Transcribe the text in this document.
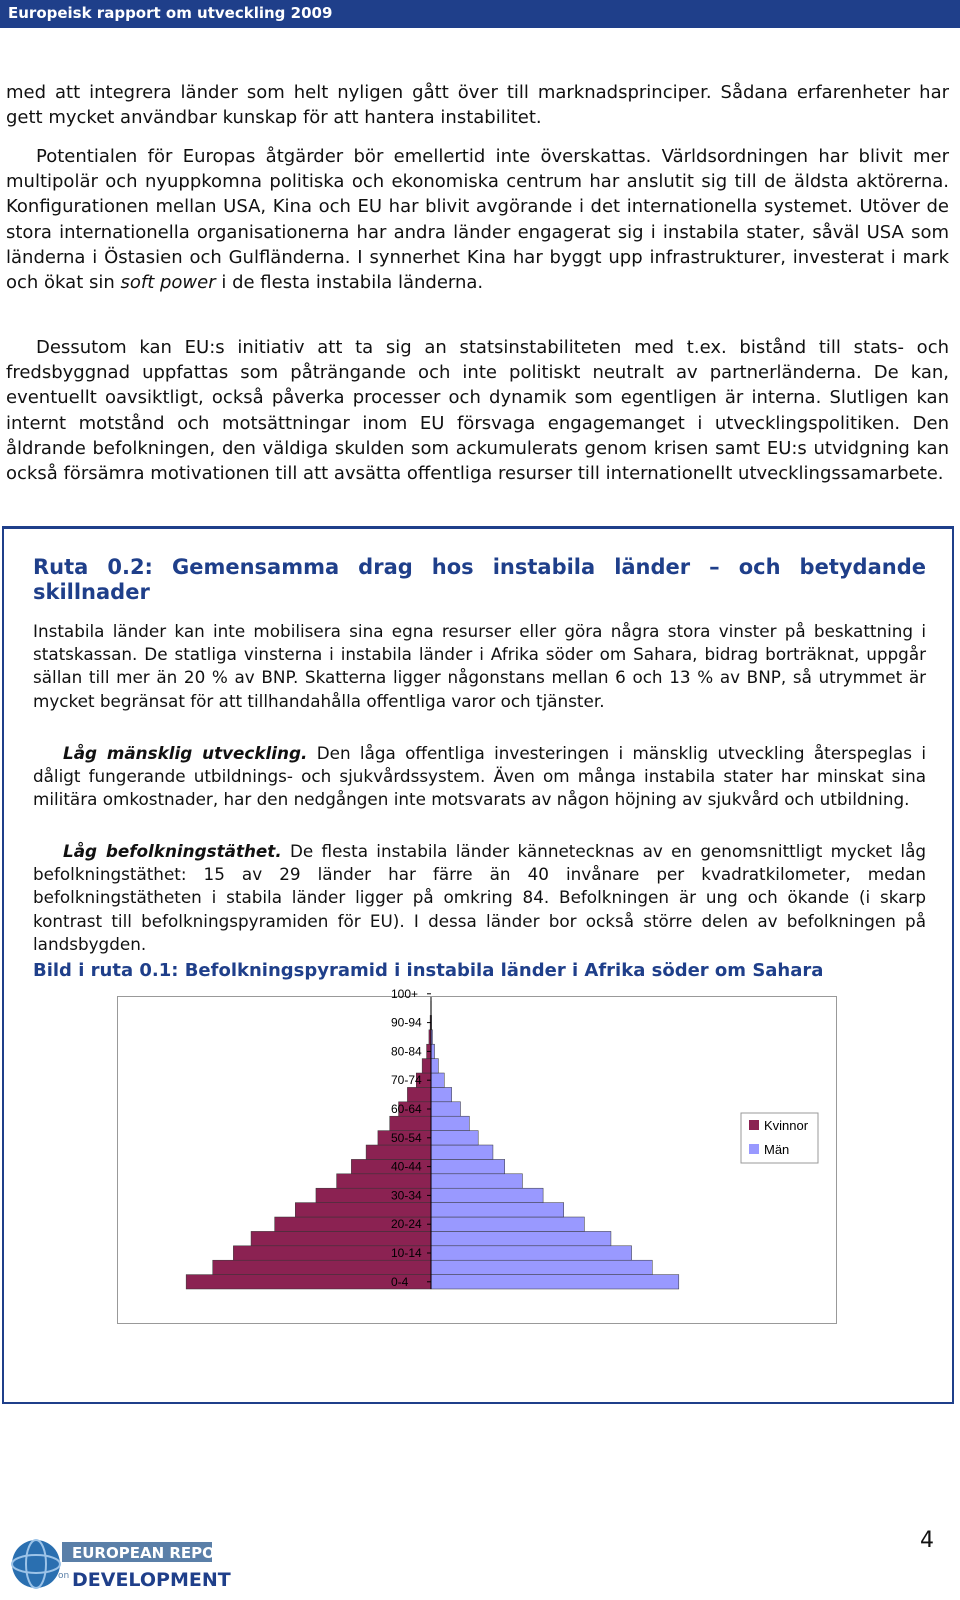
Europeisk rapport om utveckling 2009

med att integrera länder som helt nyligen gått över till marknadsprinciper. Sådana erfarenheter har gett mycket användbar kunskap för att hantera instabilitet.

Potentialen för Europas åtgärder bör emellertid inte överskattas. Världsordningen har blivit mer multipolär och nyuppkomna politiska och ekonomiska centrum har anslutit sig till de äldsta aktörerna. Konfigurationen mellan USA, Kina och EU har blivit avgörande i det internationella systemet. Utöver de stora internationella organisationerna har andra länder engagerat sig i instabila stater, såväl USA som länderna i Östasien och Gulfländerna. I synnerhet Kina har byggt upp infrastrukturer, investerat i mark och ökat sin soft power i de flesta instabila länderna.

Dessutom kan EU:s initiativ att ta sig an statsinstabiliteten med t.ex. bistånd till stats- och fredsbyggnad uppfattas som påträngande och inte politiskt neutralt av partnerländerna. De kan, eventuellt oavsiktligt, också påverka processer och dynamik som egentligen är interna. Slutligen kan internt motstånd och motsättningar inom EU försvaga engagemanget i utvecklingspolitiken. Den åldrande befolkningen, den väldiga skulden som ackumulerats genom krisen samt EU:s utvidgning kan också försämra motivationen till att avsätta offentliga resurser till internationellt utvecklingssamarbete.

Ruta 0.2: Gemensamma drag hos instabila länder – och betydande skillnader

Instabila länder kan inte mobilisera sina egna resurser eller göra några stora vinster på beskattning i statskassan. De statliga vinsterna i instabila länder i Afrika söder om Sahara, bidrag borträknat, uppgår sällan till mer än 20 % av BNP. Skatterna ligger någonstans mellan 6 och 13 % av BNP, så utrymmet är mycket begränsat för att tillhandahålla offentliga varor och tjänster.

Låg mänsklig utveckling. Den låga offentliga investeringen i mänsklig utveckling återspeglas i dåligt fungerande utbildnings- och sjukvårdssystem. Även om många instabila stater har minskat sina militära omkostnader, har den nedgången inte motsvarats av någon höjning av sjukvård och utbildning.

Låg befolkningstäthet. De flesta instabila länder kännetecknas av en genomsnittligt mycket låg befolkningstäthet: 15 av 29 länder har färre än 40 invånare per kvadratkilometer, medan befolkningstätheten i stabila länder ligger på omkring 84. Befolkningen är ung och ökande (i skarp kontrast till befolkningspyramiden för EU). I dessa länder bor också större delen av befolkningen på landsbygden.

Bild i ruta 0.1: Befolkningspyramid i instabila länder i Afrika söder om Sahara

100+
90-94
80-84
70-74
60-64
50-54
40-44
30-34
20-24
10-14
0-4
Kvinnor
Män
EUROPEAN REPORT
on DEVELOPMENT
4
